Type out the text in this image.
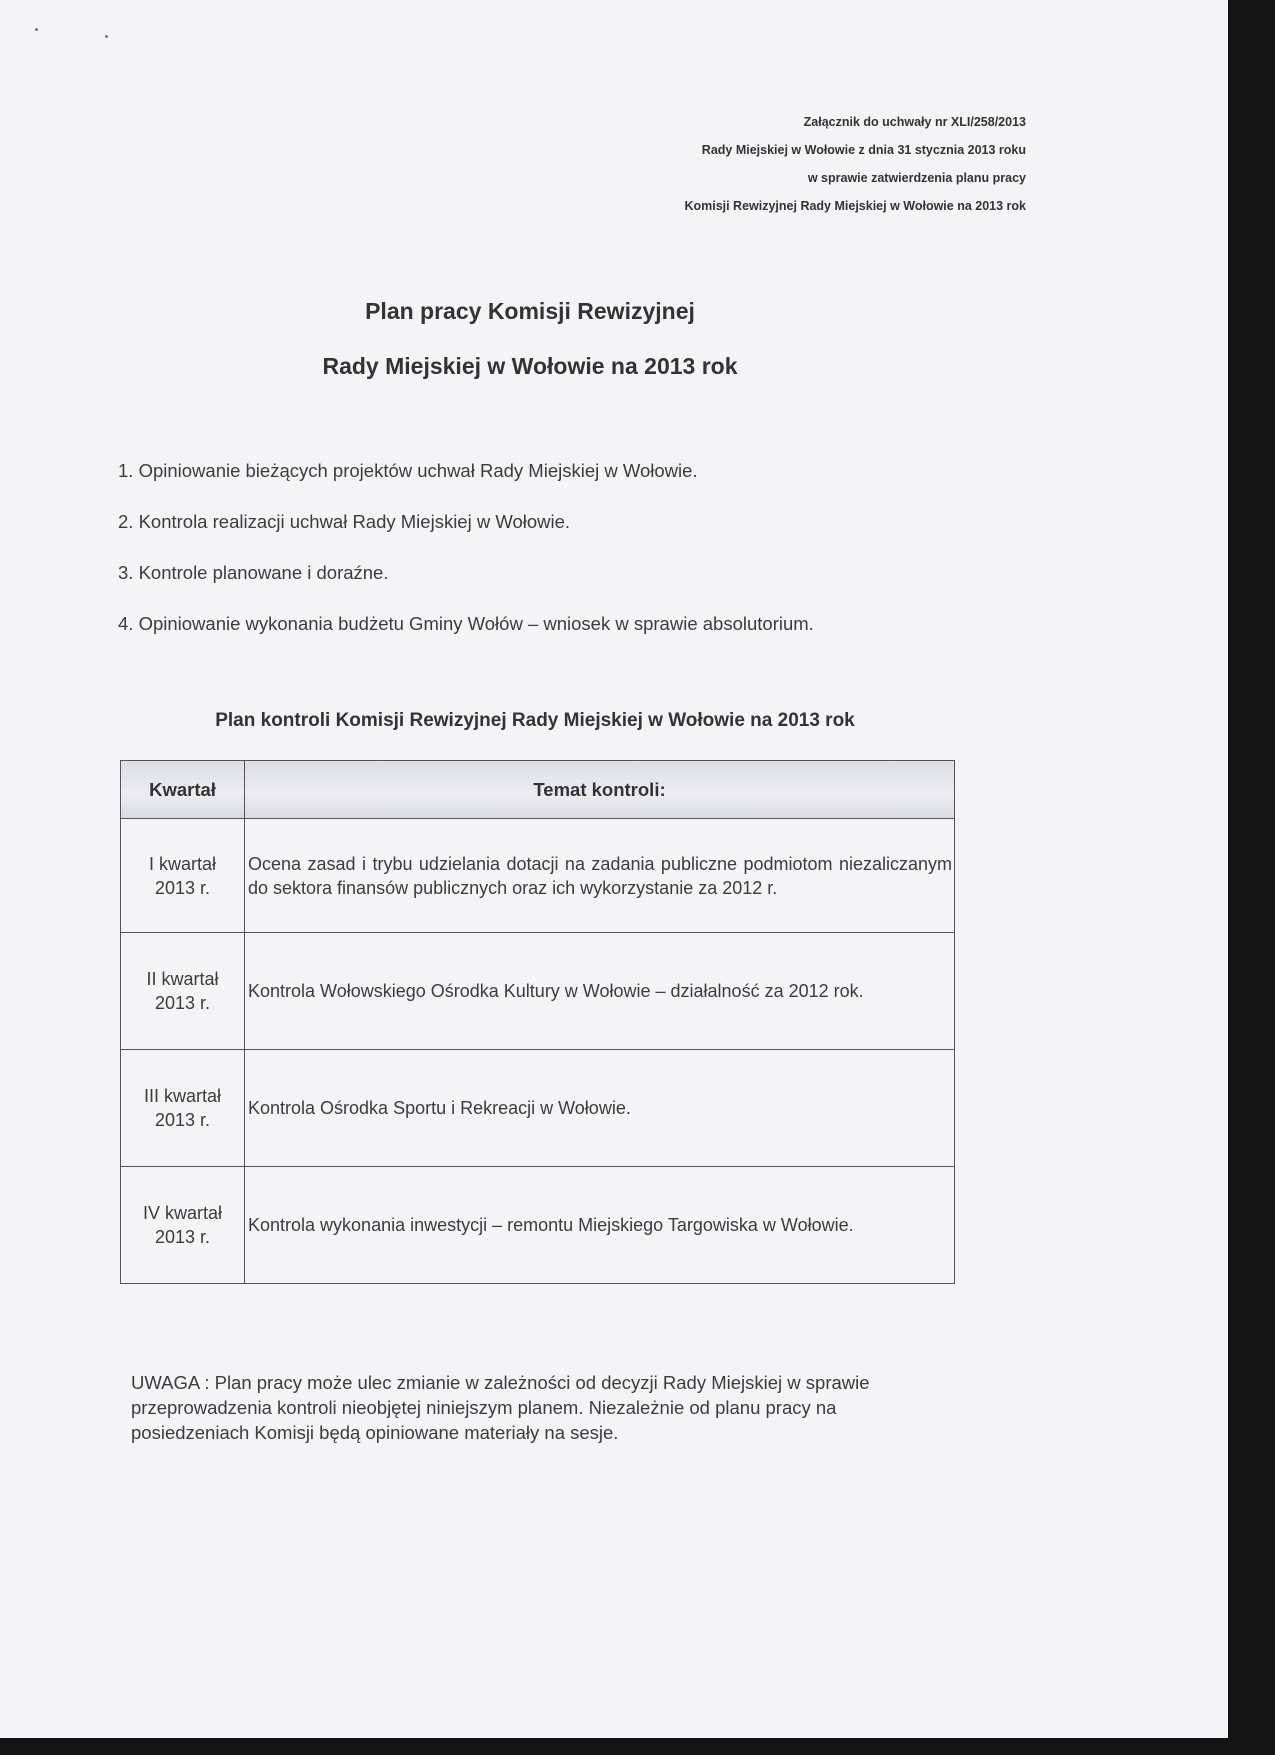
Załącznik do uchwały nr XLI/258/2013
Rady Miejskiej w Wołowie z dnia 31 stycznia 2013 roku
w sprawie zatwierdzenia planu pracy
Komisji Rewizyjnej Rady Miejskiej w Wołowie na 2013 rok
Plan pracy Komisji Rewizyjnej
Rady Miejskiej w Wołowie na 2013 rok
1. Opiniowanie bieżących projektów uchwał Rady Miejskiej w Wołowie.
2. Kontrola realizacji uchwał Rady Miejskiej w Wołowie.
3. Kontrole planowane i doraźne.
4. Opiniowanie wykonania budżetu Gminy Wołów – wniosek w sprawie absolutorium.
Plan kontroli Komisji Rewizyjnej Rady Miejskiej w Wołowie na 2013 rok
Kwartał	Temat kontroli:
I kwartał
2013 r.
Ocena zasad i trybu udzielania dotacji na zadania publiczne podmiotom niezaliczanym do sektora finansów publicznych oraz ich wykorzystanie za 2012 r.
II kwartał
2013 r.
Kontrola Wołowskiego Ośrodka Kultury w Wołowie – działalność za 2012 rok.
III kwartał
2013 r.
Kontrola Ośrodka Sportu i Rekreacji w Wołowie.
IV kwartał
2013 r.
Kontrola wykonania inwestycji – remontu Miejskiego Targowiska w Wołowie.
UWAGA : Plan pracy może ulec zmianie w zależności od decyzji Rady Miejskiej w sprawie przeprowadzenia kontroli nieobjętej niniejszym planem. Niezależnie od planu pracy na posiedzeniach Komisji będą opiniowane materiały na sesje.
